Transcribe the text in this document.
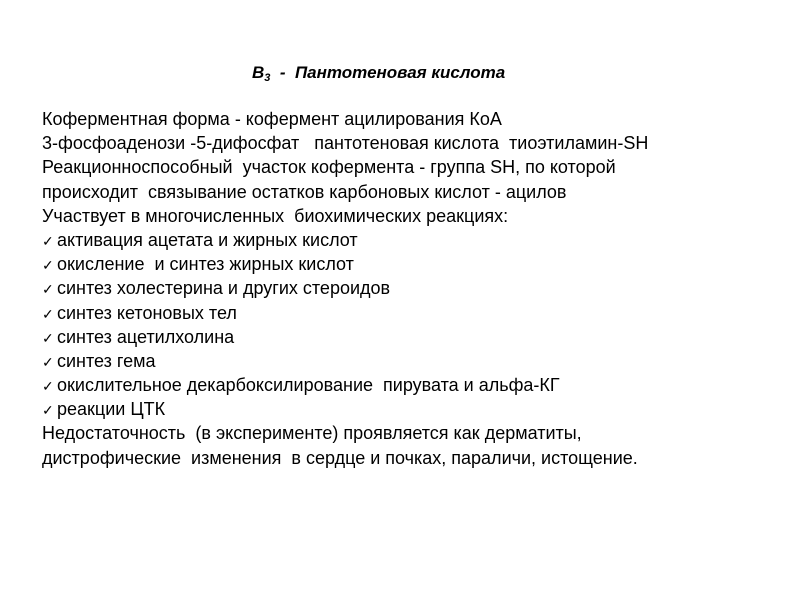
$B_3$  -  Пантотеновая кислота
Коферментная форма - кофермент ацилирования КоА
3-фосфоаденози -5-дифосфат   пантотеновая кислота  тиоэтиламин-SH
Реакционноспособный  участок кофермента - группа SH, по которой
происходит  связывание остатков карбоновых кислот - ацилов
Участвует в многочисленных  биохимических реакциях:
✓ активация ацетата и жирных кислот
✓ окисление  и синтез жирных кислот
✓ синтез холестерина и других стероидов
✓ синтез кетоновых тел
✓ синтез ацетилхолина
✓ синтез гема
✓ окислительное декарбоксилирование  пирувата и альфа-КГ
✓ реакции ЦТК
Недостаточность  (в эксперименте) проявляется как дерматиты,
дистрофические  изменения  в сердце и почках, параличи, истощение.
